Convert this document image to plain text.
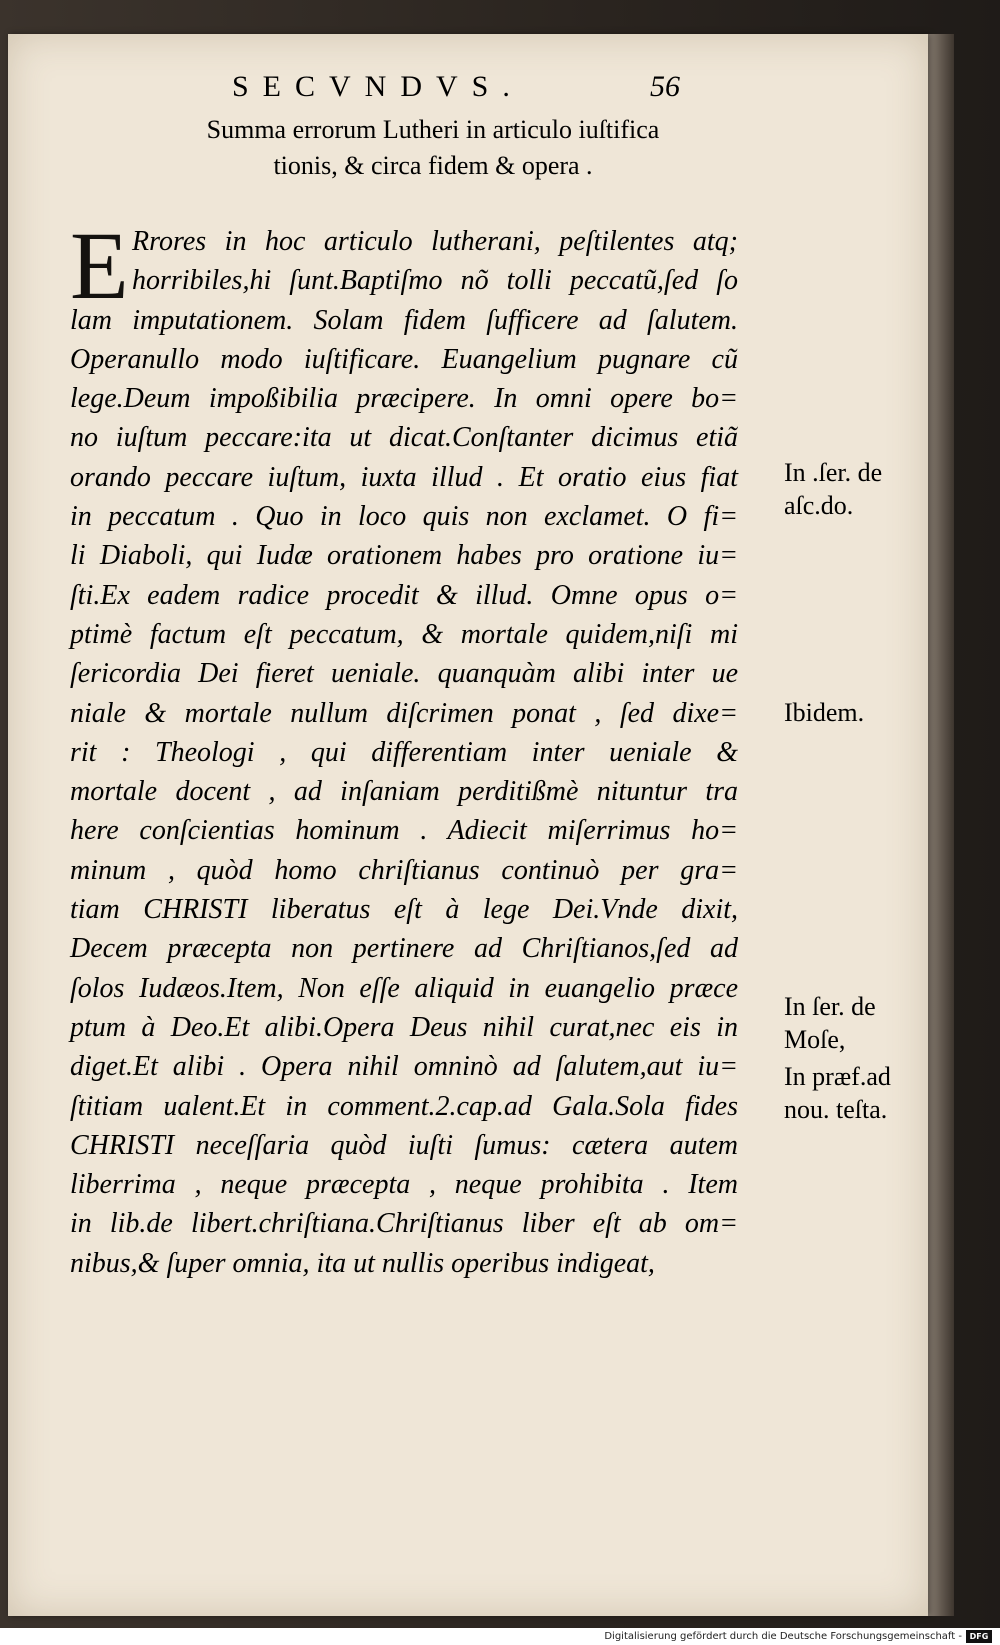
SECVNDVS.	56
Summa errorum Lutheri in articulo iuſtifica
tionis, & circa fidem & opera .
E Rrores in hoc articulo lutherani, peſtilentes atq;
horribiles,hi ſunt.Baptiſmo nõ tolli peccatũ,ſed ſo
lam imputationem. Solam fidem ſufficere ad ſalutem.
Operanullo modo iuſtificare. Euangelium pugnare cũ
lege.Deum impoßibilia præcipere. In omni opere bo=
no iuſtum peccare:ita ut dicat.Conſtanter dicimus etiã
orando peccare iuſtum, iuxta illud . Et oratio eius fiat
in peccatum . Quo in loco quis non exclamet. O fi=
li Diaboli, qui Iudæ orationem habes pro oratione iu=
ſti.Ex eadem radice procedit & illud. Omne opus o=
ptimè factum eſt peccatum, & mortale quidem,niſi mi
ſericordia Dei fieret ueniale. quanquàm alibi inter ue
niale & mortale nullum diſcrimen ponat , ſed dixe=
rit : Theologi , qui differentiam inter ueniale &
mortale docent , ad inſaniam perditißmè nituntur tra
here conſcientias hominum . Adiecit miſerrimus ho=
minum , quòd homo chriſtianus continuò per gra=
tiam CHRISTI liberatus eſt à lege Dei.Vnde dixit,
Decem præcepta non pertinere ad Chriſtianos,ſed ad
ſolos Iudæos.Item, Non eſſe aliquid in euangelio præce
ptum à Deo.Et alibi.Opera Deus nihil curat,nec eis in
diget.Et alibi . Opera nihil omninò ad ſalutem,aut iu=
ſtitiam ualent.Et in comment.2.cap.ad Gala.Sola fides
CHRISTI neceſſaria quòd iuſti ſumus: cætera autem
liberrima , neque præcepta , neque prohibita . Item
in lib.de libert.chriſtiana.Chriſtianus liber eſt ab om=
nibus,& ſuper omnia, ita ut nullis operibus indigeat,
In .ſer. de
aſc.do.
Ibidem.
In ſer. de
Moſe,
In præf.ad
nou. teſta.
Digitalisierung gefördert durch die Deutsche Forschungsgemeinschaft - DFG
